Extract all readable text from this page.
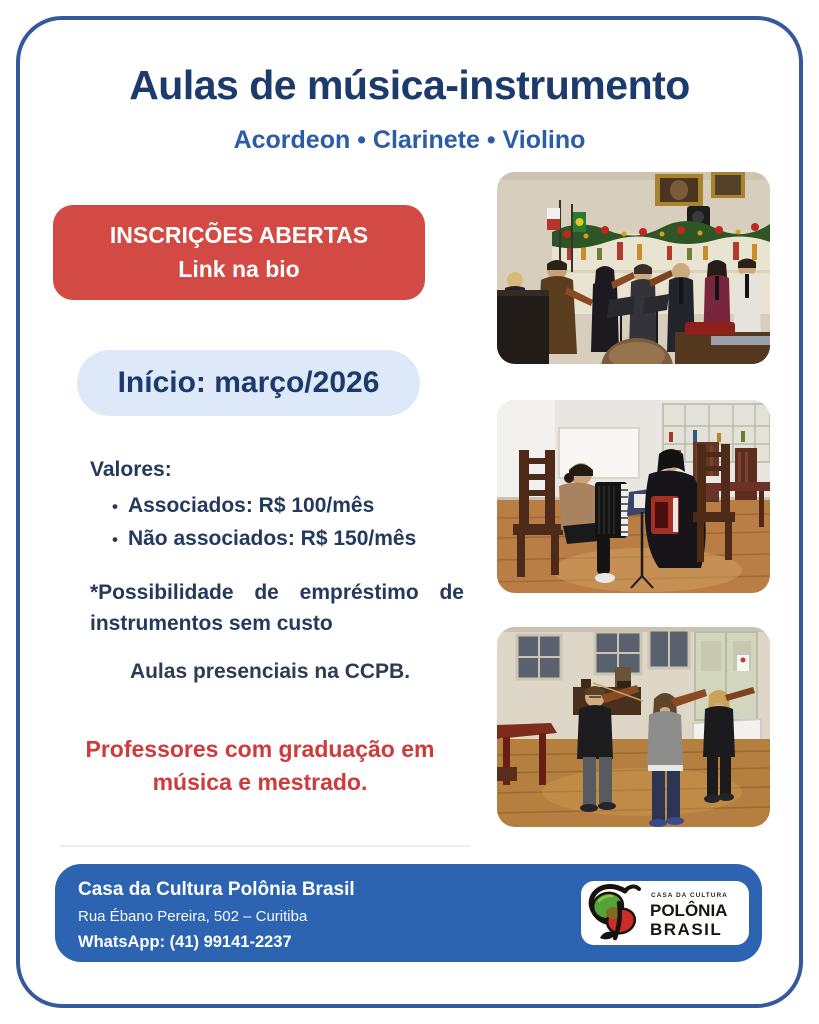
Aulas de música-instrumento
Acordeon • Clarinete • Violino
INSCRIÇÕES ABERTAS
Link na bio
Início: março/2026
Valores:
• Associados: R$ 100/mês
• Não associados: R$ 150/mês

*Possibilidade de empréstimo de instrumentos sem custo

Aulas presenciais na CCPB.
Professores com graduação em música e mestrado.
Casa da Cultura Polônia Brasil
Rua Ébano Pereira, 502 – Curitiba
WhatsApp: (41) 99141-2237
CASA DA CULTURA
POLÔNIA
BRASIL
